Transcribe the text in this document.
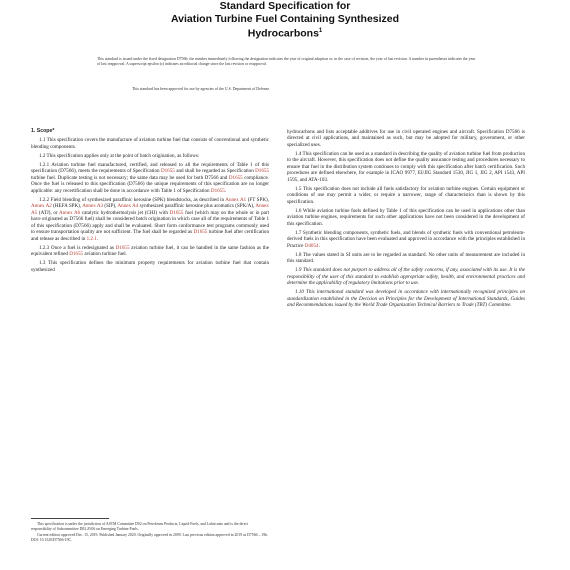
Standard Specification for
Aviation Turbine Fuel Containing Synthesized
Hydrocarbons$^1$
This standard is issued under the fixed designation D7566; the number immediately following the designation indicates the year of original adoption or, in the case of revision, the year of last revision. A number in parentheses indicates the year of last reapproval. A superscript epsilon (ε) indicates an editorial change since the last revision or reapproval.
This standard has been approved for use by agencies of the U.S. Department of Defense.
1. Scope*

1.1 This specification covers the manufacture of aviation turbine fuel that consists of conventional and synthetic blending components.

1.2 This specification applies only at the point of batch origination, as follows:

1.2.1 Aviation turbine fuel manufactured, certified, and released to all the requirements of Table 1 of this specification (D7566), meets the requirements of Specification D1655 and shall be regarded as Specification D1655 turbine fuel. Duplicate testing is not necessary; the same data may be used for both D7566 and D1655 compliance. Once the fuel is released to this specification (D7566) the unique requirements of this specification are no longer applicable: any recertification shall be done in accordance with Table 1 of Specification D1655.

1.2.2 Field blending of synthesized paraffinic kerosine (SPK) blendstocks, as described in Annex A1 (FT SPK), Annex A2 (HEFA SPK), Annex A3 (SIP), Annex A4 synthesized paraffinic kerosine plus aromatics (SPK/A), Annex A5 (ATJ), or Annex A6 catalytic hydrothermolysis jet (CHJ) with D1655 fuel (which may on the whole or in part have originated as D7566 fuel) shall be considered batch origination in which case all of the requirements of Table 1 of this specification (D7566) apply and shall be evaluated. Short form conformance test programs commonly used to ensure transportation quality are not sufficient. The fuel shall be regarded as D1655 turbine fuel after certification and release as described in 1.2.1.

1.2.3 Once a fuel is redesignated as D1655 aviation turbine fuel, it can be handled in the same fashion as the equivalent refined D1655 aviation turbine fuel.

1.3 This specification defines the minimum property requirements for aviation turbine fuel that contain synthesized

hydrocarbons and lists acceptable additives for use in civil operated engines and aircraft. Specification D7566 is directed at civil applications, and maintained as such, but may be adopted for military, government, or other specialized uses.

1.4 This specification can be used as a standard in describing the quality of aviation turbine fuel from production to the aircraft. However, this specification does not define the quality assurance testing and procedures necessary to ensure that fuel in the distribution system continues to comply with this specification after batch certification. Such procedures are defined elsewhere, for example in ICAO 9977, EI/JIG Standard 1530, JIG 1, JIG 2, API 1543, API 1595, and ATA-103.

1.5 This specification does not include all fuels satisfactory for aviation turbine engines. Certain equipment or conditions of use may permit a wider, or require a narrower, range of characteristics than is shown by this specification.

1.6 While aviation turbine fuels defined by Table 1 of this specification can be used in applications other than aviation turbine engines, requirements for such other applications have not been considered in the development of this specification.

1.7 Synthetic blending components, synthetic fuels, and blends of synthetic fuels with conventional petroleum-derived fuels in this specification have been evaluated and approved in accordance with the principles established in Practice D4054.

1.8 The values stated in SI units are to be regarded as standard. No other units of measurement are included in this standard.

1.9 This standard does not purport to address all of the safety concerns, if any, associated with its use. It is the responsibility of the user of this standard to establish appropriate safety, health, and environmental practices and determine the applicability of regulatory limitations prior to use.

1.10 This international standard was developed in accordance with internationally recognized principles on standardization established in the Decision on Principles for the Development of International Standards, Guides and Recommendations issued by the World Trade Organization Technical Barriers to Trade (TBT) Committee.

This specification is under the jurisdiction of ASTM Committee D02 on Petroleum Products, Liquid Fuels, and Lubricants and is the direct responsibility of Subcommittee D02.J0.06 on Emerging Turbine Fuels.

Current edition approved Dec. 15, 2019. Published January 2020. Originally approved in 2009. Last previous edition approved in 2019 as D7566 – 19b. DOI: 10.1520/D7566-19C.
